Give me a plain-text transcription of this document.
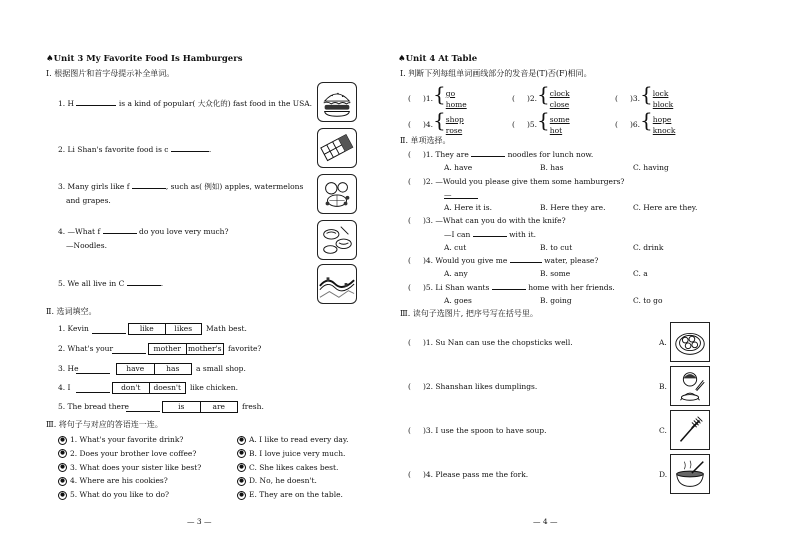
♠Unit 3 My Favorite Food Is Hamburgers
Ⅰ. 根据图片和首字母提示补全单词。
1. H	is a kind of popular( 大众化的) fast food in the USA.
2. Li Shan's favorite food is c	.
3. Many girls like f	, such as( 例如) apples, watermelons
and grapes.
4. —What f	do you love very much?
—Noodles.
5. We all live in C	.
Ⅱ. 选词填空。
1. Kevin	like	likes	Math best.
2. What's your	mother mother's favorite?
3. He	have	has	a small shop.
4. I	don't	doesn't	like chicken.
5. The bread there	is	are	fresh.
Ⅲ. 将句子与对应的答语连一连。
● 1. What's your favorite drink?
● 2. Does your brother love coffee?
● 3. What does your sister like best?
● 4. Where are his cookies?
● 5. What do you like to do?
● A. I like to read every day.
● B. I love juice very much.
● C. She likes cakes best.
● D. No, he doesn't.
● E. They are on the table.
— 3 —
♠Unit 4 At Table
Ⅰ. 判断下列每组单词画线部分的发音是(T)否(F)相同。
( )1.{go
home
( )2.{clock
close
( )3.{lock
block
( )4.{shop
rose
( )5.{some
hot
( )6.{hope
knock
Ⅱ. 单项选择。
( )1. They are	noodles for lunch now.
A. have	B. has	C. having
( )2. —Would you please give them some hamburgers?
—
A. Here it is.	B. Here they are.	C. Here are they.
( )3. —What can you do with the knife?
—I can	with it.
A. cut	B. to cut	C. drink
( )4. Would you give me	water, please?
A. any	B. some	C. a
( )5. Li Shan wants	home with her friends.
A. goes	B. going	C. to go
Ⅲ. 读句子选图片, 把序号写在括号里。
( )1. Su Nan can use the chopsticks well.	A.
( )2. Shanshan likes dumplings.	B.
( )3. I use the spoon to have soup.	C.
( )4. Please pass me the fork.	D.
— 4 —
